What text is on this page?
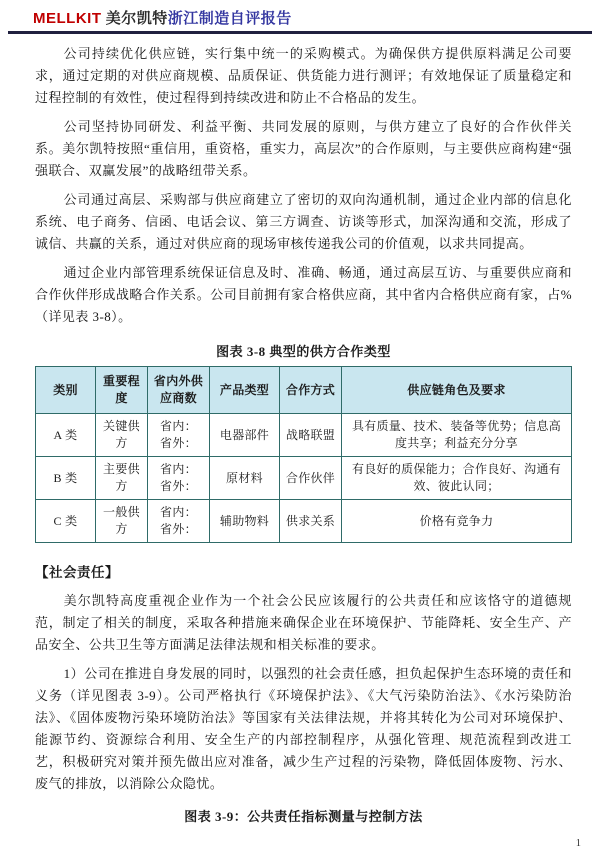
MELLKIT 美尔凯特浙江制造自评报告

公司持续优化供应链，实行集中统一的采购模式。为确保供方提供原料满足公司要求，通过定期的对供应商规模、品质保证、供货能力进行测评；有效地保证了质量稳定和过程控制的有效性，使过程得到持续改进和防止不合格品的发生。

公司坚持协同研发、利益平衡、共同发展的原则，与供方建立了良好的合作伙伴关系。美尔凯特按照“重信用，重资格，重实力，高层次”的合作原则，与主要供应商构建“强强联合、双赢发展”的战略纽带关系。

公司通过高层、采购部与供应商建立了密切的双向沟通机制，通过企业内部的信息化系统、电子商务、信函、电话会议、第三方调查、访谈等形式，加深沟通和交流，形成了诚信、共赢的关系，通过对供应商的现场审核传递我公司的价值观，以求共同提高。

通过企业内部管理系统保证信息及时、准确、畅通，通过高层互访、与重要供应商和合作伙伴形成战略合作关系。公司目前拥有家合格供应商，其中省内合格供应商有家，占%（详见表 3-8）。

图表 3-8 典型的供方合作类型
类别	重要程度	省内外供应商数	产品类型	合作方式	供应链角色及要求
A 类	关键供方	省内：
省外：	电器部件	战略联盟	具有质量、技术、装备等优势；信息高度共享；利益充分分享
B 类	主要供方	省内：
省外：	原材料	合作伙伴	有良好的质保能力；合作良好、沟通有效、彼此认同；
C 类	一般供方	省内：
省外：	辅助物料	供求关系	价格有竞争力
【社会责任】

美尔凯特高度重视企业作为一个社会公民应该履行的公共责任和应该恪守的道德规范，制定了相关的制度，采取各种措施来确保企业在环境保护、节能降耗、安全生产、产品安全、公共卫生等方面满足法律法规和相关标准的要求。

1）公司在推进自身发展的同时，以强烈的社会责任感，担负起保护生态环境的责任和义务（详见图表 3-9）。公司严格执行《环境保护法》、《大气污染防治法》、《水污染防治法》、《固体废物污染环境防治法》等国家有关法律法规，并将其转化为公司对环境保护、能源节约、资源综合利用、安全生产的内部控制程序，从强化管理、规范流程到改进工艺，积极研究对策并预先做出应对准备，减少生产过程的污染物，降低固体废物、污水、废气的排放，以消除公众隐忧。

图表 3-9：公共责任指标测量与控制方法
1
